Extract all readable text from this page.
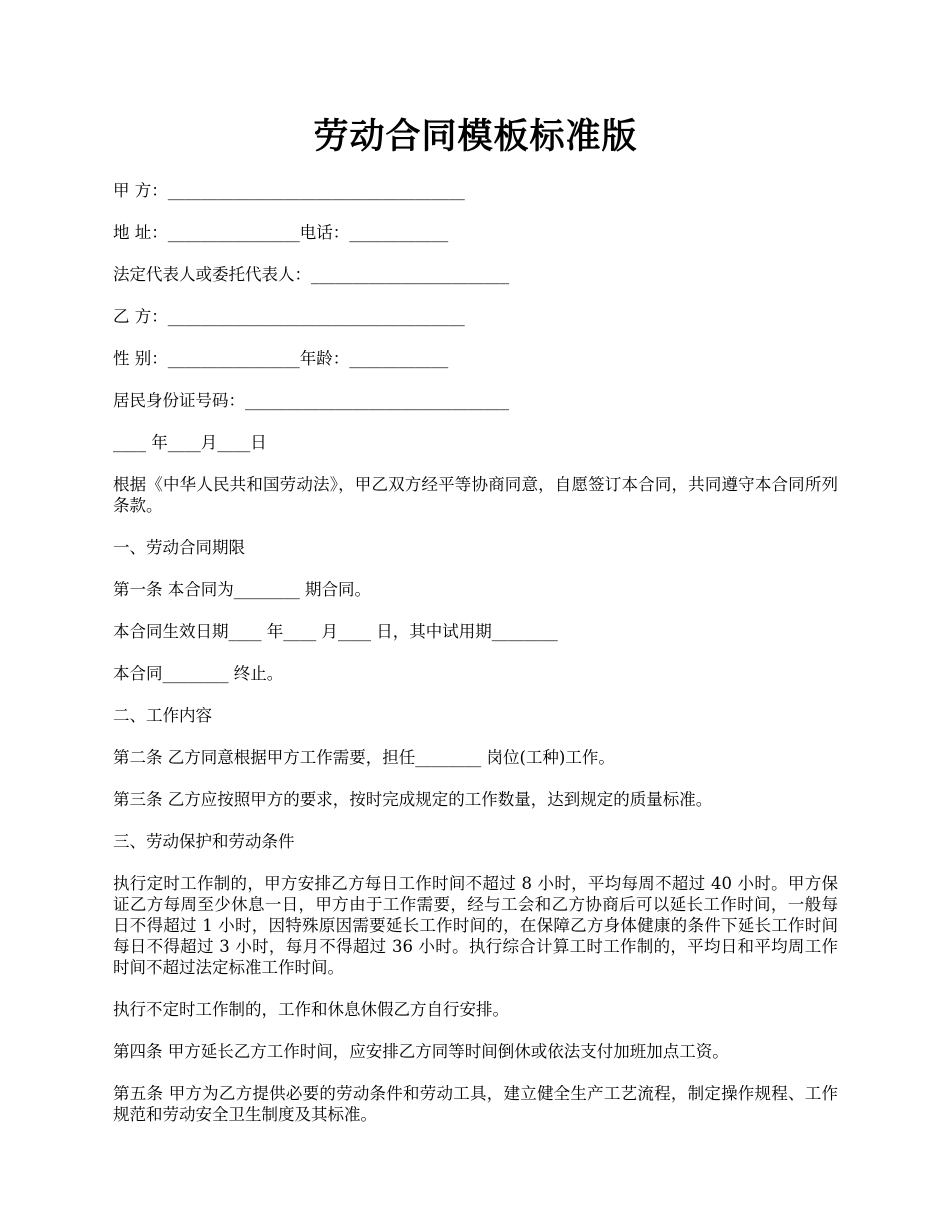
劳动合同模板标准版

甲 方：____________________________________

地 址：________________电话：____________

法定代表人或委托代表人：________________________

乙 方：____________________________________

性 别：________________年龄：____________

居民身份证号码：________________________________

____ 年____月____日

根据《中华人民共和国劳动法》，甲乙双方经平等协商同意，自愿签订本合同，共同遵守本合同所列条款。

一、劳动合同期限

第一条 本合同为________ 期合同。

本合同生效日期____ 年____ 月____ 日，其中试用期________

本合同________ 终止。

二、工作内容

第二条 乙方同意根据甲方工作需要，担任________ 岗位(工种)工作。

第三条 乙方应按照甲方的要求，按时完成规定的工作数量，达到规定的质量标准。

三、劳动保护和劳动条件

执行定时工作制的，甲方安排乙方每日工作时间不超过 8 小时，平均每周不超过 40 小时。甲方保证乙方每周至少休息一日，甲方由于工作需要，经与工会和乙方协商后可以延长工作时间，一般每日不得超过 1 小时，因特殊原因需要延长工作时间的，在保障乙方身体健康的条件下延长工作时间每日不得超过 3 小时，每月不得超过 36 小时。执行综合计算工时工作制的，平均日和平均周工作时间不超过法定标准工作时间。

执行不定时工作制的，工作和休息休假乙方自行安排。

第四条 甲方延长乙方工作时间，应安排乙方同等时间倒休或依法支付加班加点工资。

第五条 甲方为乙方提供必要的劳动条件和劳动工具，建立健全生产工艺流程，制定操作规程、工作规范和劳动安全卫生制度及其标准。
